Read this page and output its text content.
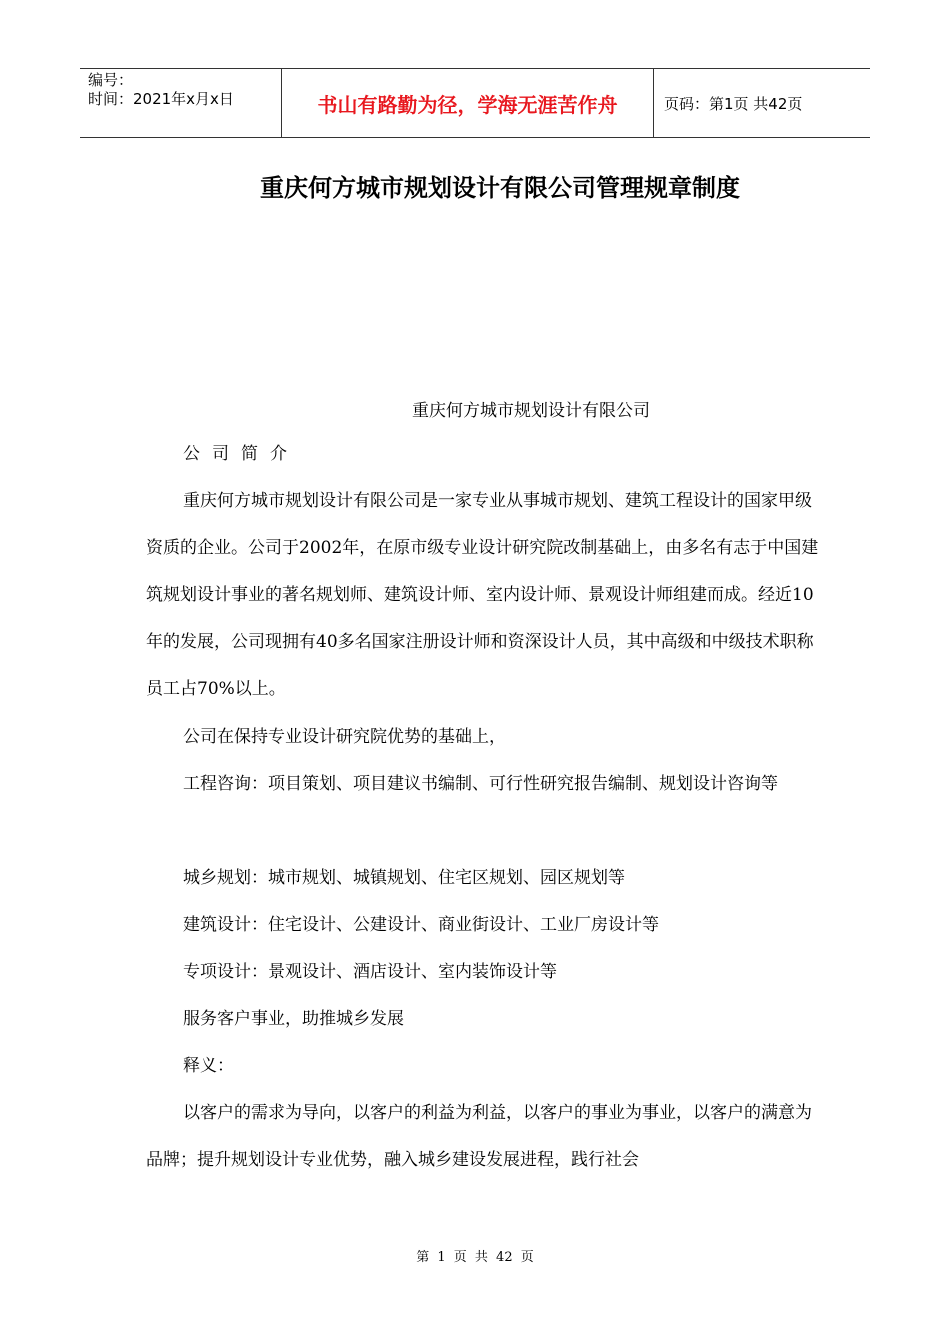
编号：
时间：2021年x月x日	书山有路勤为径，学海无涯苦作舟	页码：第1页 共42页
重庆何方城市规划设计有限公司管理规章制度
重庆何方城市规划设计有限公司

公司简介

重庆何方城市规划设计有限公司是一家专业从事城市规划、建筑工程设计的国家甲级资质的企业。公司于2002年，在原市级专业设计研究院改制基础上，由多名有志于中国建筑规划设计事业的著名规划师、建筑设计师、室内设计师、景观设计师组建而成。经近10年的发展，公司现拥有40多名国家注册设计师和资深设计人员，其中高级和中级技术职称员工占70%以上。

公司在保持专业设计研究院优势的基础上，

工程咨询：项目策划、项目建议书编制、可行性研究报告编制、规划设计咨询等

城乡规划：城市规划、城镇规划、住宅区规划、园区规划等

建筑设计：住宅设计、公建设计、商业街设计、工业厂房设计等

专项设计：景观设计、酒店设计、室内装饰设计等

服务客户事业，助推城乡发展

释义：

以客户的需求为导向，以客户的利益为利益，以客户的事业为事业，以客户的满意为品牌；提升规划设计专业优势，融入城乡建设发展进程，践行社会

第 1 页 共 42 页
